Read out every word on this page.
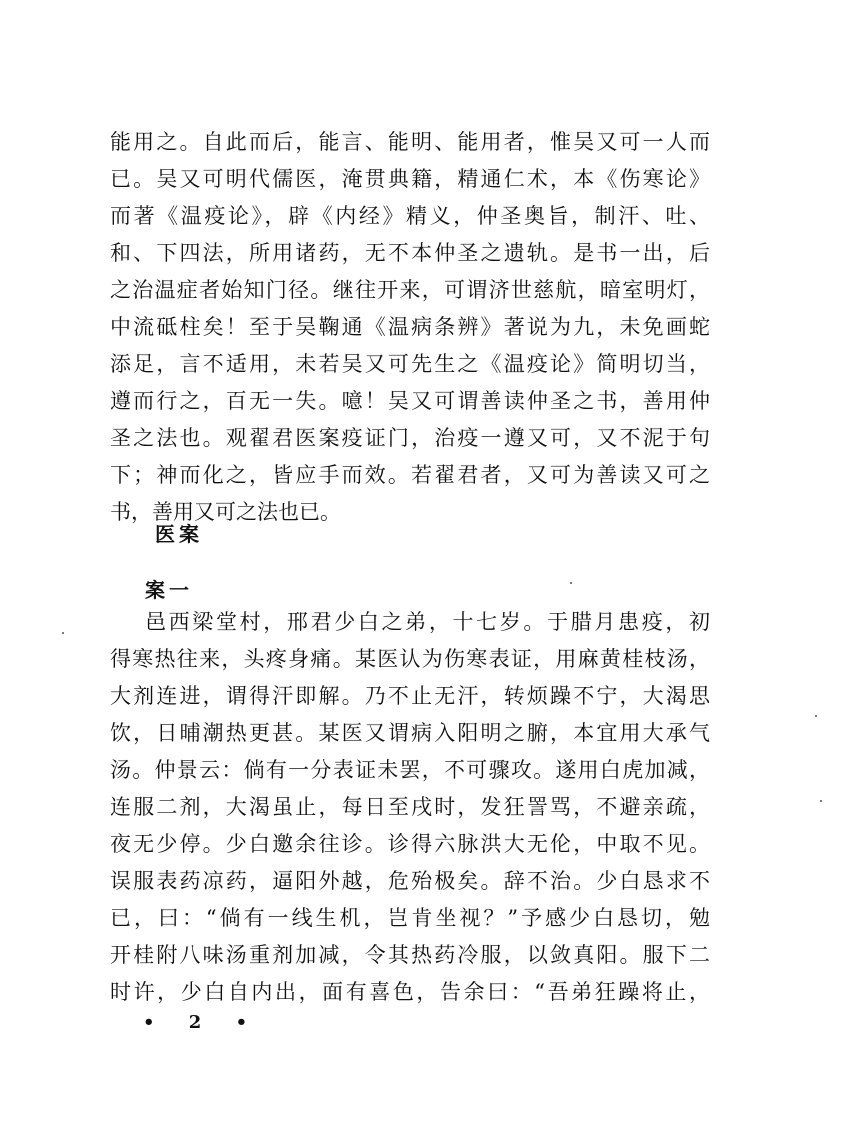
能用之。自此而后，能言、能明、能用者，惟吴又可一人而
已。吴又可明代儒医，淹贯典籍，精通仁术，本《伤寒论》
而著《温疫论》，辟《内经》精义，仲圣奥旨，制汗、吐、
和、下四法，所用诸药，无不本仲圣之遗轨。是书一出，后
之治温症者始知门径。继往开来，可谓济世慈航，暗室明灯，
中流砥柱矣！至于吴鞠通《温病条辨》著说为九，未免画蛇
添足，言不适用，未若吴又可先生之《温疫论》简明切当，
遵而行之，百无一失。噫！吴又可谓善读仲圣之书，善用仲
圣之法也。观翟君医案疫证门，治疫一遵又可，又不泥于句
下；神而化之，皆应手而效。若翟君者，又可为善读又可之
书，善用又可之法也已。
医案
案一
邑西梁堂村，邢君少白之弟，十七岁。于腊月患疫，初
得寒热往来，头疼身痛。某医认为伤寒表证，用麻黄桂枝汤，
大剂连进，谓得汗即解。乃不止无汗，转烦躁不宁，大渴思
饮，日晡潮热更甚。某医又谓病入阳明之腑，本宜用大承气
汤。仲景云：倘有一分表证未罢，不可骤攻。遂用白虎加减，
连服二剂，大渴虽止，每日至戌时，发狂詈骂，不避亲疏，
夜无少停。少白邀余往诊。诊得六脉洪大无伦，中取不见。
误服表药凉药，逼阳外越，危殆极矣。辞不治。少白恳求不
已，曰：“倘有一线生机，岂肯坐视？”予感少白恳切，勉
开桂附八味汤重剂加减，令其热药冷服，以敛真阳。服下二
时许，少白自内出，面有喜色，告余曰：“吾弟狂躁将止，
• 2 •
